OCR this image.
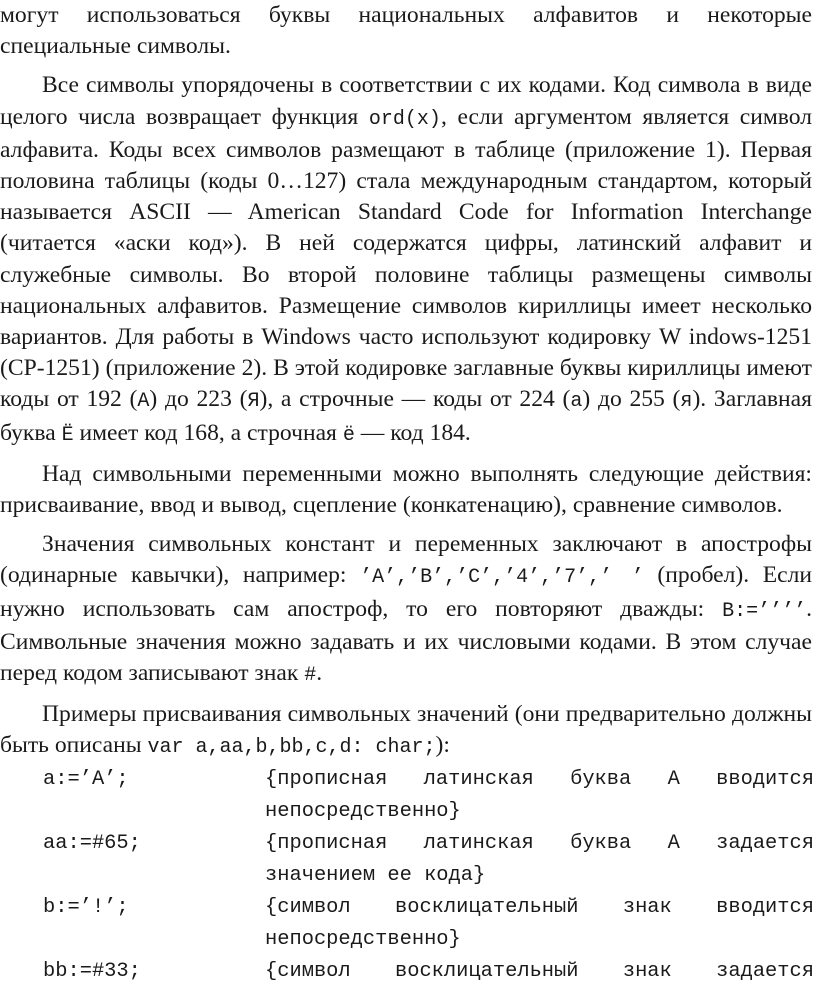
могут использоваться буквы национальных алфавитов и некоторые специальные символы.

Все символы упорядочены в соответствии с их кодами. Код символа в виде целого числа возвращает функция ord(x), если аргументом является символ алфавита. Коды всех символов размещают в таблице (приложение 1). Первая половина таблицы (коды 0…127) стала международным стандартом, который называется ASCII — American Standard Code for Information Interchange (читается «аски код»). В ней содержатся цифры, латинский алфавит и служебные символы. Во второй половине таблицы размещены символы национальных алфавитов. Размещение символов кириллицы имеет несколько вариантов. Для работы в Windows часто используют кодировку W indows-1251 (CP-1251) (приложение 2). В этой кодировке заглавные буквы кириллицы имеют коды от 192 (А) до 223 (Я), а строчные — коды от 224 (а) до 255 (я). Заглавная буква Ё имеет код 168, а строчная ё — код 184.

Над символьными переменными можно выполнять следующие действия: присваивание, ввод и вывод, сцепление (конкатенацию), сравнение символов.

Значения символьных констант и переменных заключают в апострофы (одинарные кавычки), например: ’A’,’B’,’C’,’4’,’7’,’ ’ (пробел). Если нужно использовать сам апостроф, то его повторяют дважды: B:=’’’’. Символьные значения можно задавать и их числовыми кодами. В этом случае перед кодом записывают знак #.

Примеры присваивания символьных значений (они предварительно должны быть описаны var a,aa,b,bb,c,d: char;):

a:=’A’;	{прописная латинская буква А вводится непосредственно}
aa:=#65;	{прописная латинская буква А задается значением ее кода}
b:=’!’;	{символ восклицательный знак вводится непосредственно}
bb:=#33;	{символ восклицательный знак задается
